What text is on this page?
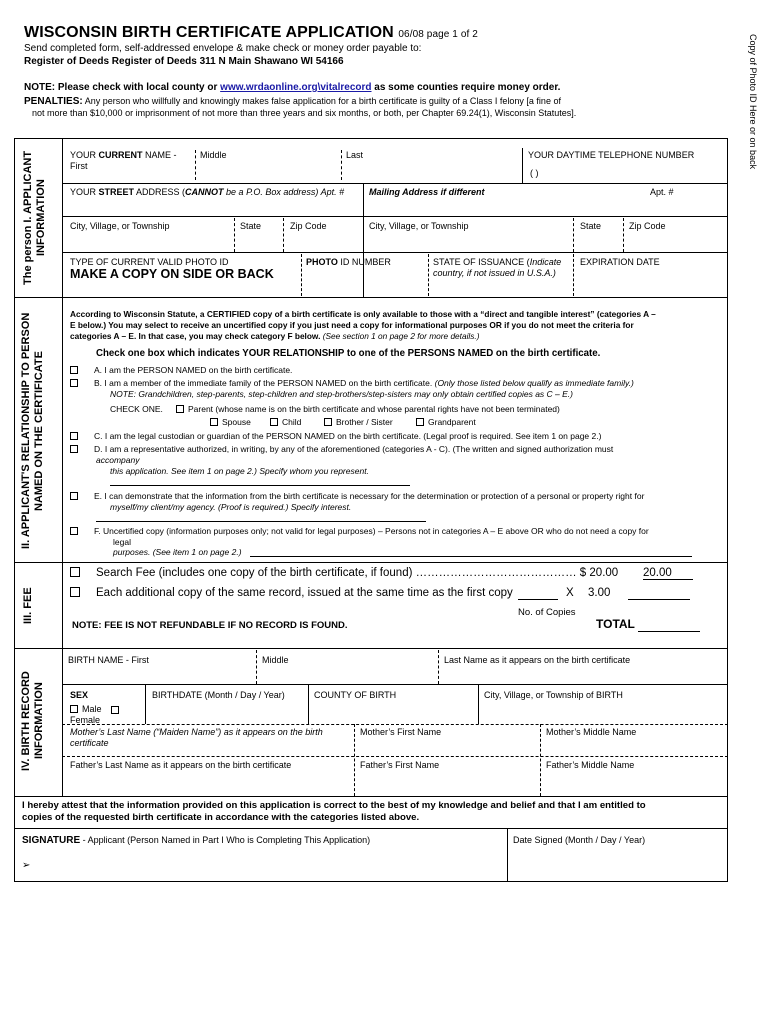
WISCONSIN BIRTH CERTIFICATE APPLICATION 06/08 page 1 of 2
Send completed form, self-addressed envelope & make check or money order payable to:
Register of Deeds Register of Deeds 311 N Main Shawano WI 54166
NOTE: Please check with local county or www.wrdaonline.org\vitalrecord as some counties require money order.
PENALTIES: Any person who willfully and knowingly makes false application for a birth certificate is guilty of a Class I felony [a fine of
not more than $10,000 or imprisonment of not more than three years and six months, or both, per Chapter 69.24(1), Wisconsin Statutes].	Copy of Photo ID Here or on back
The person I. APPLICANT INFORMATION
YOUR CURRENT NAME -
First
Middle	Last	YOUR DAYTIME TELEPHONE NUMBER
( )
YOUR STREET ADDRESS (CANNOT be a P.O. Box address) Apt. #	Mailing Address if different	Apt. #
City, Village, or Township	State	Zip Code	City, Village, or Township	State	Zip Code
TYPE OF CURRENT VALID PHOTO ID	PHOTO ID NUMBER	STATE OF ISSUANCE (Indicate country, if not issued in U.S.A.)
EXPIRATION DATE
MAKE A COPY ON SIDE OR BACK
II. APPLICANT'S RELATIONSHIP TO PERSON NAMED ON THE CERTIFICATE
According to Wisconsin Statute, a CERTIFIED copy of a birth certificate is only available to those with a “direct and tangible interest” (categories A –
E below.) You may select to receive an uncertified copy if you just need a copy for informational purposes OR if you do not meet the criteria for
categories A – E. In that case, you may check category F below. (See section 1 on page 2 for more details.)
Check one box which indicates YOUR RELATIONSHIP to one of the PERSONS NAMED on the birth certificate.
A. I am the PERSON NAMED on the birth certificate.
B. I am a member of the immediate family of the PERSON NAMED on the birth certificate. (Only those listed below qualify as immediate family.)
NOTE: Grandchildren, step-parents, step-children and step-brothers/step-sisters may only obtain certified copies as C – E.)
CHECK ONE.	Parent (whose name is on the birth certificate and whose parental rights have not been terminated)
Spouse	Child	Brother / Sister	Grandparent
C. I am the legal custodian or guardian of the PERSON NAMED on the birth certificate. (Legal proof is required. See item 1 on page 2.)
D. I am a representative authorized, in writing, by any of the aforementioned (categories A - C). (The written and signed authorization must
accompany
this application. See item 1 on page 2.) Specify whom you represent.
E. I can demonstrate that the information from the birth certificate is necessary for the determination or protection of a personal or property right for
myself/my client/my agency. (Proof is required.) Specify interest.
F. Uncertified copy (information purposes only; not valid for legal purposes) – Persons not in categories A – E above OR who do not need a copy for
legal
purposes. (See item 1 on page 2.)
III. FEE
Search Fee (includes one copy of the birth certificate, if found) …………………………………… $ 20.00 20.00
Each additional copy of the same record, issued at the same time as the first copy	X 3.00
No. of Copies
NOTE: FEE IS NOT REFUNDABLE IF NO RECORD IS FOUND.	TOTAL
IV. BIRTH RECORD INFORMATION
BIRTH NAME - First	Middle	Last Name as it appears on the birth certificate
SEX
Male
Female
BIRTHDATE (Month / Day / Year)	COUNTY OF BIRTH	City, Village, or Township of BIRTH
Mother’s Last Name (“Maiden Name”) as it appears on the birth certificate
Mother’s First Name	Mother’s Middle Name
Father’s Last Name as it appears on the birth certificate	Father’s First Name	Father’s Middle Name
I hereby attest that the information provided on this application is correct to the best of my knowledge and belief and that I am entitled to
copies of the requested birth certificate in accordance with the categories listed above.
SIGNATURE - Applicant (Person Named in Part I Who is Completing This Application)	Date Signed (Month / Day / Year)
➢
